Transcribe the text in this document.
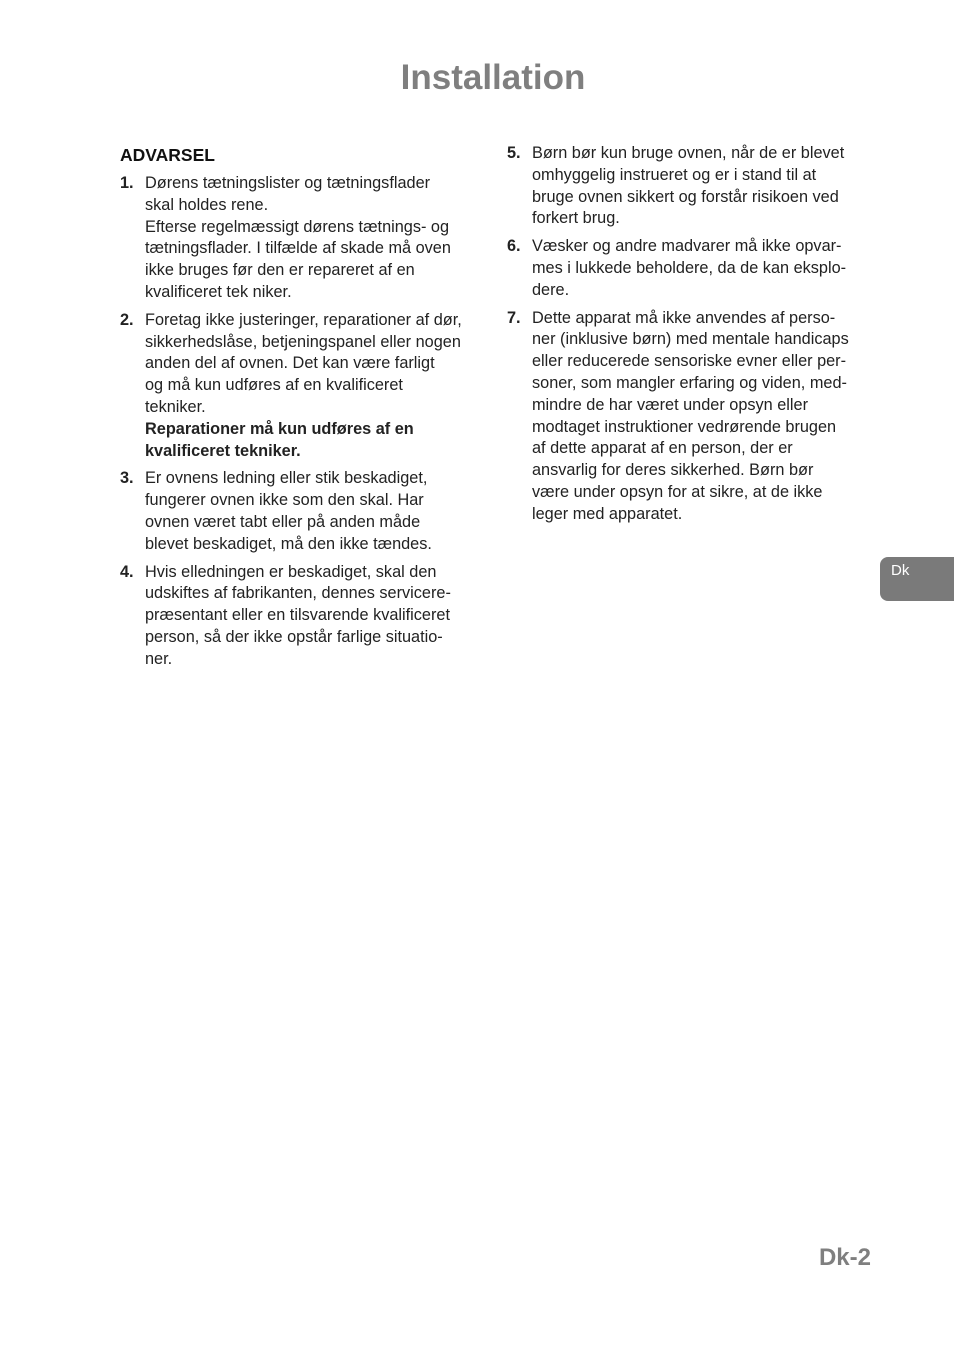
Installation
ADVARSEL
1. Dørens tætningslister og tætningsflader
skal holdes rene.
Efterse regelmæssigt dørens tætnings- og
tætningsflader. I tilfælde af skade må oven
ikke bruges før den er repareret af en
kvalificeret tek niker.
2. Foretag ikke justeringer, reparationer af dør,
sikkerhedslåse, betjeningspanel eller nogen
anden del af ovnen. Det kan være farligt
og må kun udføres af en kvalificeret
tekniker.
Reparationer må kun udføres af en
kvalificeret tekniker.
3. Er ovnens ledning eller stik beskadiget,
fungerer ovnen ikke som den skal. Har
ovnen været tabt eller på anden måde
blevet beskadiget, må den ikke tændes.
4. Hvis elledningen er beskadiget, skal den
udskiftes af fabrikanten, dennes servicere-
præsentant eller en tilsvarende kvalificeret
person, så der ikke opstår farlige situatio-
ner.
5. Børn bør kun bruge ovnen, når de er blevet
omhyggelig instrueret og er i stand til at
bruge ovnen sikkert og forstår risikoen ved
forkert brug.
6. Væsker og andre madvarer må ikke opvar-
mes i lukkede beholdere, da de kan eksplo-
dere.
7. Dette apparat må ikke anvendes af perso-
ner (inklusive børn) med mentale handicaps
eller reducerede sensoriske evner eller per-
soner, som mangler erfaring og viden, med-
mindre de har været under opsyn eller
modtaget instruktioner vedrørende brugen
af dette apparat af en person, der er
ansvarlig for deres sikkerhed. Børn bør
være under opsyn for at sikre, at de ikke
leger med apparatet.
Dk
Dk-2
